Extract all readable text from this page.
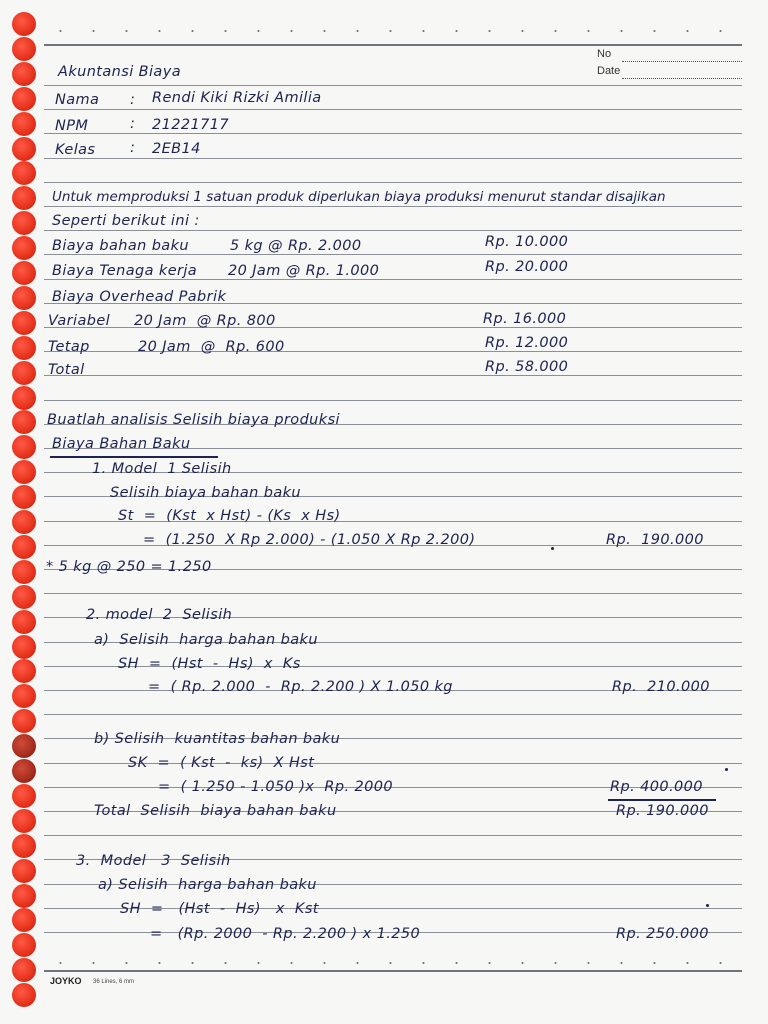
No
Date
Akuntansi Biaya
Nama : Rendi Kiki Rizki Amilia
NPM	: 21221717
Kelas : 2EB14
Untuk memproduksi 1 satuan produk diperlukan biaya produksi menurut standar disajikan
Seperti berikut ini :
Biaya bahan baku	5 kg @ Rp. 2.000	Rp. 10.000
Biaya Tenaga kerja 20 Jam @ Rp. 1.000	Rp. 20.000
Biaya Overhead Pabrik
Variabel 20 Jam  @ Rp. 800	Rp. 16.000
Tetap	20 Jam  @  Rp. 600	Rp. 12.000
Total	Rp. 58.000
Buatlah analisis Selisih biaya produksi
Biaya Bahan Baku
1. Model  1 Selisih
Selisih biaya bahan baku
St  =  (Kst  x Hst) - (Ks  x Hs)
=  (1.250  X Rp 2.000) - (1.050 X Rp 2.200)	Rp.  190.000
* 5 kg @ 250 = 1.250
2. model  2  Selisih
a)  Selisih  harga bahan baku
SH  =  (Hst  -  Hs)  x  Ks
=  ( Rp. 2.000  -  Rp. 2.200 ) X 1.050 kg	Rp.  210.000
b) Selisih  kuantitas bahan baku
SK  =  ( Kst  -  ks)  X Hst
=  ( 1.250 - 1.050 )x  Rp. 2000	Rp. 400.000
Total  Selisih  biaya bahan baku	Rp. 190.000
3.  Model   3  Selisih
a) Selisih  harga bahan baku
SH  =   (Hst  -  Hs)   x  Kst
=   (Rp. 2000  - Rp. 2.200 ) x 1.250	Rp. 250.000
JOYKO 36 Lines, 6 mm
